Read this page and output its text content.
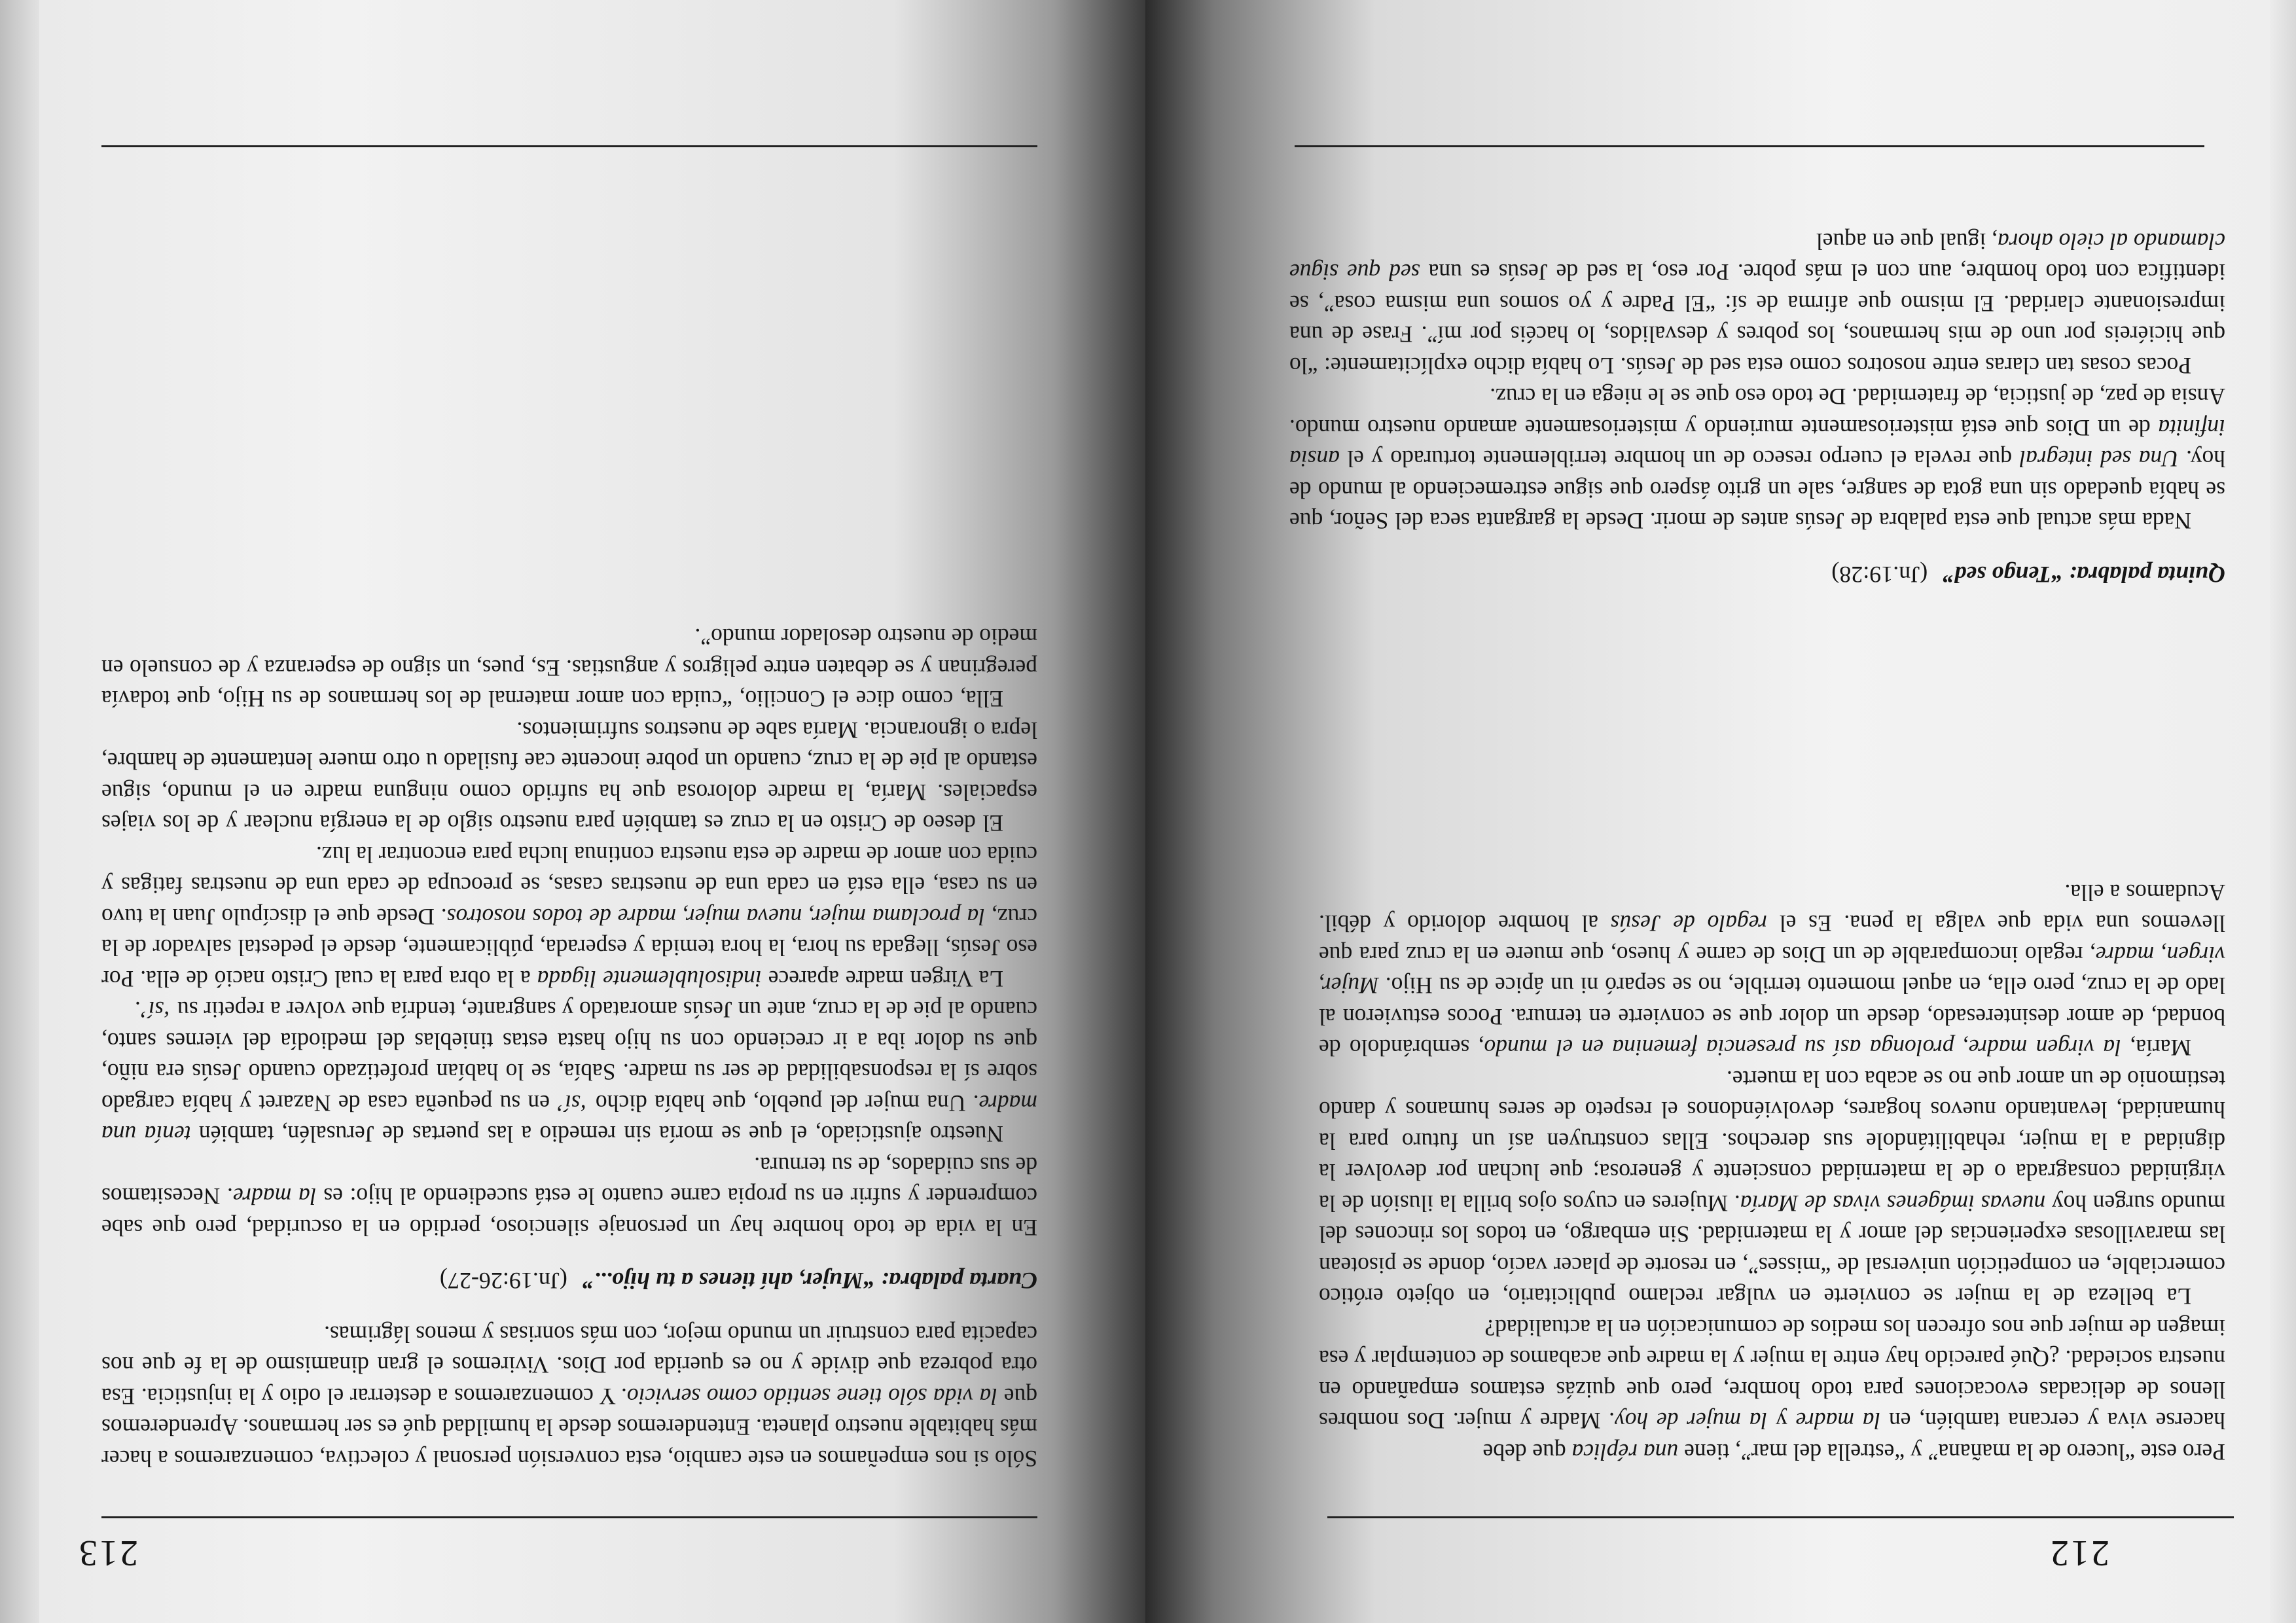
212

Pero este “lucero de la mañana” y “estrella del mar”, tiene una réplica que debe

hacerse viva y cercana también, en la madre y la mujer de hoy. Madre y mujer. Dos nombres llenos de delicadas evocaciones para todo hombre, pero que quizás estamos empañando en nuestra sociedad. ¿Qué parecido hay entre la mujer y la madre que acabamos de contemplar y esa imagen de mujer que nos ofrecen los medios de comunicación en la actualidad?

La belleza de la mujer se convierte en vulgar reclamo publicitario, en objeto erótico comerciable, en competición universal de “misses”, en resorte de placer vacío, donde se pisotean las maravillosas experiencias del amor y la maternidad. Sin embargo, en todos los rincones del mundo surgen hoy nuevas imágenes vivas de María. Mujeres en cuyos ojos brilla la ilusión de la virginidad consagrada o de la maternidad consciente y generosa; que luchan por devolver la dignidad a la mujer, rehabilitándole sus derechos. Ellas construyen así un futuro para la humanidad, levantando nuevos hogares, devolviéndonos el respeto de seres humanos y dando testimonio de un amor que no se acaba con la muerte.

María, la virgen madre, prolonga así su presencia femenina en el mundo, sembrándolo de bondad, de amor desinteresado, desde un dolor que se convierte en ternura. Pocos estuvieron al lado de la cruz, pero ella, en aquel momento terrible, no se separó ni un ápice de su Hijo. Mujer, virgen, madre, regalo incomparable de un Dios de carne y hueso, que muere en la cruz para que llevemos una vida que valga la pena. Es el regalo de Jesús al hombre dolorido y débil. Acudamos a ella.

Quinta palabra: “Tengo sed” (Jn.19:28)

Nada más actual que esta palabra de Jesús antes de morir. Desde la garganta seca del Señor, que se había quedado sin una gota de sangre, sale un grito áspero que sigue estremeciendo al mundo de hoy. Una sed integral que revela el cuerpo reseco de un hombre terriblemente torturado y el ansia infinita de un Dios que está misteriosamente muriendo y misteriosamente amando nuestro mundo. Ansia de paz, de justicia, de fraternidad. De todo eso que se le niega en la cruz.

Pocas cosas tan claras entre nosotros como esta sed de Jesús. Lo había dicho explícitamente: “lo que hiciéreis por uno de mis hermanos, los pobres y desvalidos, lo hacéis por mí”. Frase de una impresionante claridad. El mismo que afirma de sí: “El Padre y yo somos una misma cosa”, se identifica con todo hombre, aun con el más pobre. Por eso, la sed de Jesús es una sed que sigue clamando al cielo ahora, igual que en aquel

213

Sólo si nos empeñamos en este cambio, esta conversión personal y colectiva, comenzaremos a hacer más habitable nuestro planeta. Entenderemos desde la humildad qué es ser hermanos. Aprenderemos que la vida sólo tiene sentido como servicio. Y comenzaremos a desterrar el odio y la injusticia. Esa otra pobreza que divide y no es querida por Dios. Viviremos el gran dinamismo de la fe que nos capacita para construir un mundo mejor, con más sonrisas y menos lágrimas.

Cuarta palabra: “Mujer, ahí tienes a tu hijo...” (Jn.19:26-27)

En la vida de todo hombre hay un personaje silencioso, perdido en la oscuridad, pero que sabe comprender y sufrir en su propia carne cuanto le está sucediendo al hijo: es la madre. Necesitamos de sus cuidados, de su ternura.

Nuestro ajusticiado, el que se moría sin remedio a las puertas de Jerusalén, también tenía una madre. Una mujer del pueblo, que había dicho ‘sí’ en su pequeña casa de Nazaret y había cargado sobre sí la responsabilidad de ser su madre. Sabía, se lo habían profetizado cuando Jesús era niño, que su dolor iba a ir creciendo con su hijo hasta estas tinieblas del mediodía del viernes santo, cuando al pie de la cruz, ante un Jesús amoratado y sangrante, tendría que volver a repetir su ‘sí’.

La Virgen madre aparece indisolublemente ligada a la obra para la cual Cristo nació de ella. Por eso Jesús, llegada su hora, la hora temida y esperada, públicamente, desde el pedestal salvador de la cruz, la proclama mujer, nueva mujer, madre de todos nosotros. Desde que el discípulo Juan la tuvo en su casa, ella está en cada una de nuestras casas, se preocupa de cada una de nuestras fatigas y cuida con amor de madre de esta nuestra continua lucha para encontrar la luz.

El deseo de Cristo en la cruz es también para nuestro siglo de la energía nuclear y de los viajes espaciales. María, la madre dolorosa que ha sufrido como ninguna madre en el mundo, sigue estando al pie de la cruz, cuando un pobre inocente cae fusilado u otro muere lentamente de hambre, lepra o ignorancia. María sabe de nuestros sufrimientos.

Ella, como dice el Concilio, “cuida con amor maternal de los hermanos de su Hijo, que todavía peregrinan y se debaten entre peligros y angustias. Es, pues, un signo de esperanza y de consuelo en medio de nuestro desolador mundo”.
